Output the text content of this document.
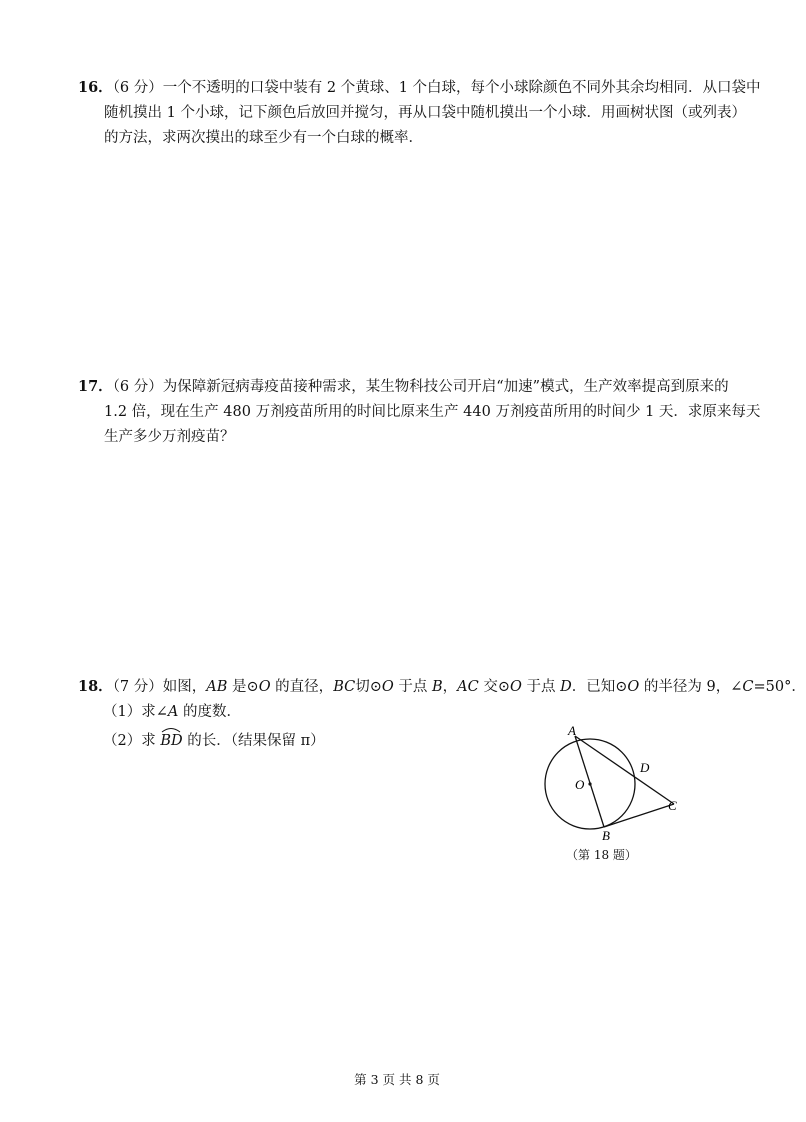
16．（6 分）一个不透明的口袋中装有 2 个黄球、1 个白球，每个小球除颜色不同外其余均相同．从口袋中
随机摸出 1 个小球，记下颜色后放回并搅匀，再从口袋中随机摸出一个小球．用画树状图（或列表）
的方法，求两次摸出的球至少有一个白球的概率．
17．（6 分）为保障新冠病毒疫苗接种需求，某生物科技公司开启“加速”模式，生产效率提高到原来的
1.2 倍，现在生产 480 万剂疫苗所用的时间比原来生产 440 万剂疫苗所用的时间少 1 天．求原来每天
生产多少万剂疫苗？
18．（7 分）如图，AB 是⊙O 的直径，BC切⊙O 于点 B，AC 交⊙O 于点 D．已知⊙O 的半径为 9，∠C=50°．
（1）求∠A 的度数．
（2）求
BD 的长．（结果保留 π）
A
D
O
C
B
（第 18 题）
第 3 页 共 8 页
